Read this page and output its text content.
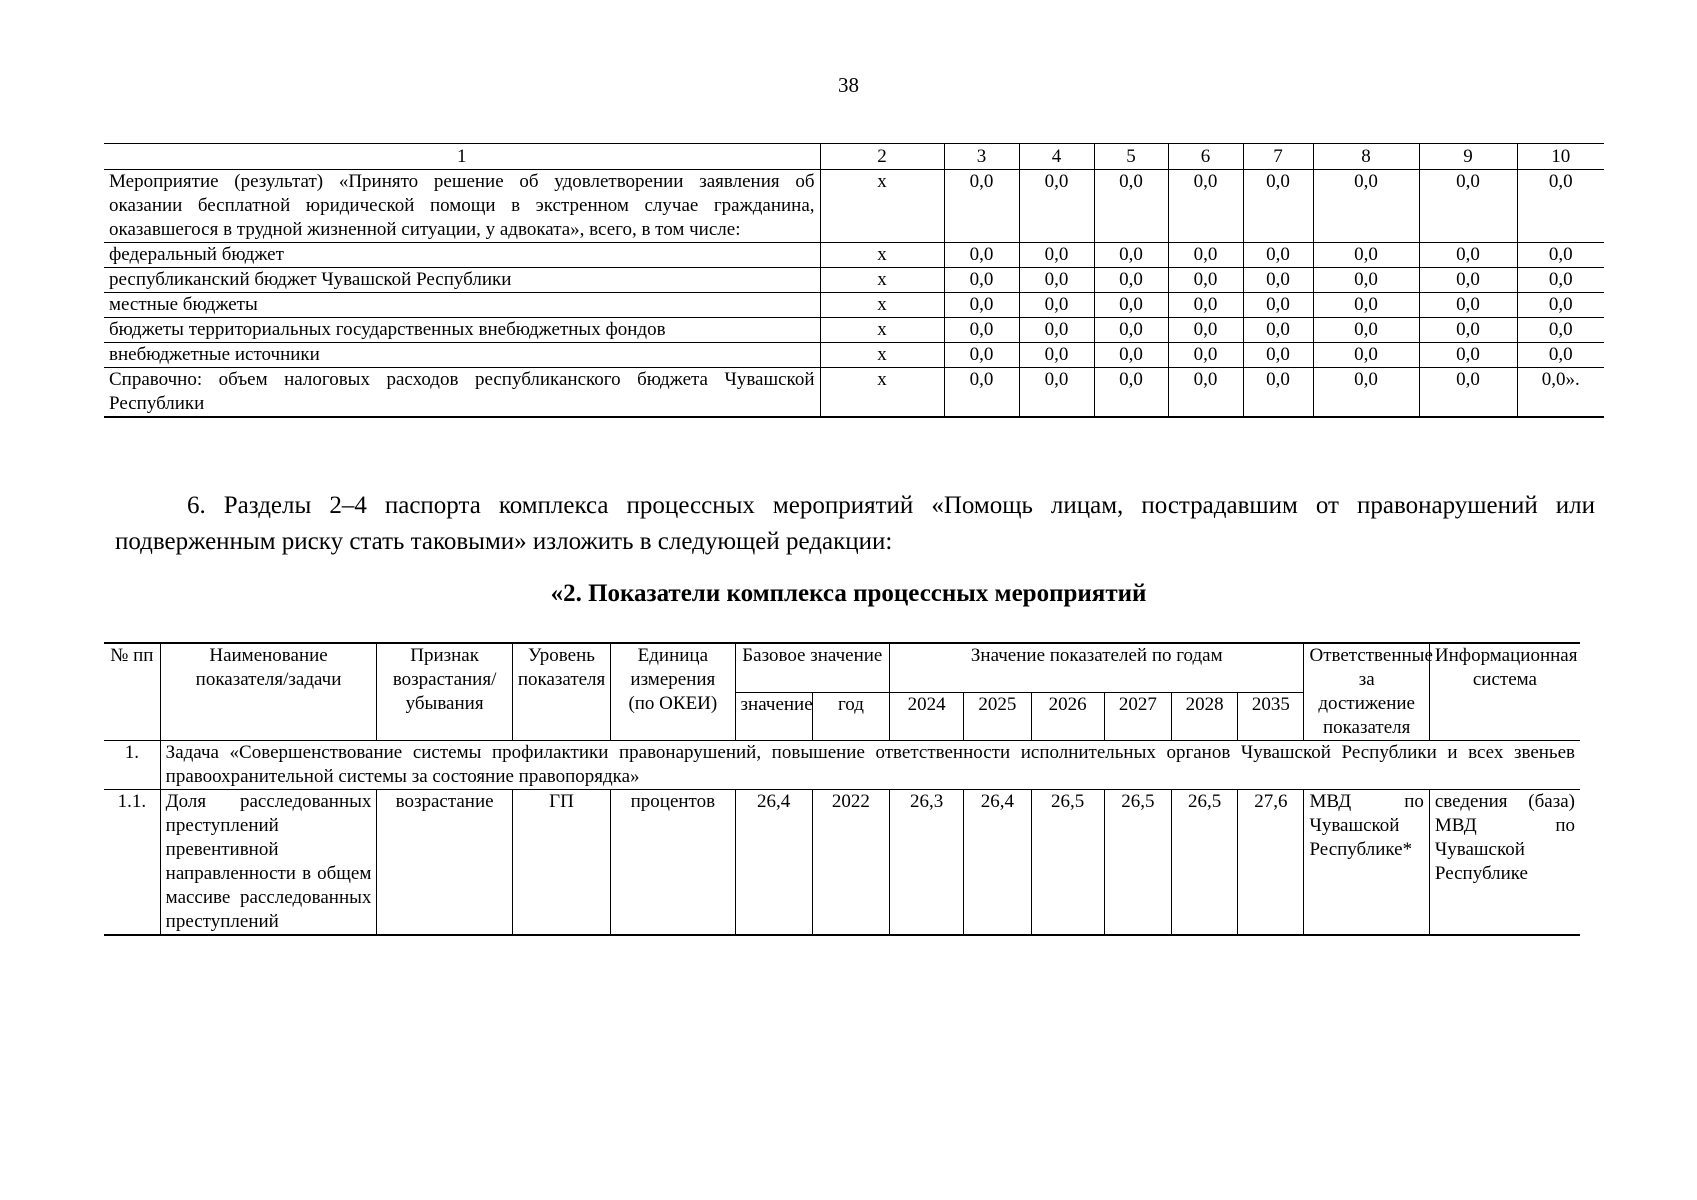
38
1	2	3	4	5	6	7	8	9	10
Мероприятие (результат) «Принято решение об удовлетворении заявления об оказании бесплатной юридической помощи в экстренном случае гражданина, оказавшегося в трудной жизненной ситуации, у адвоката», всего, в том числе:	х	0,0	0,0	0,0	0,0	0,0	0,0	0,0	0,0
федеральный бюджет	х	0,0	0,0	0,0	0,0	0,0	0,0	0,0	0,0
республиканский бюджет Чувашской Республики	х	0,0	0,0	0,0	0,0	0,0	0,0	0,0	0,0
местные бюджеты	х	0,0	0,0	0,0	0,0	0,0	0,0	0,0	0,0
бюджеты территориальных государственных внебюджетных фондов	х	0,0	0,0	0,0	0,0	0,0	0,0	0,0	0,0
внебюджетные источники	х	0,0	0,0	0,0	0,0	0,0	0,0	0,0	0,0
Справочно: объем налоговых расходов республиканского бюджета Чувашской Республики	х	0,0	0,0	0,0	0,0	0,0	0,0	0,0	0,0».
6. Разделы 2–4 паспорта комплекса процессных мероприятий «Помощь лицам, пострадавшим от правонарушений или подверженным риску стать таковыми» изложить в следующей редакции:
«2. Показатели комплекса процессных мероприятий
№ пп	Наименование показателя/задачи	Признак возрастания/убывания	Уровень показателя	Единица измерения (по ОКЕИ)	Базовое значение		Значение показателей по годам						Ответственные за достижение показателя	Информационная система
					значение	год	2024	2025	2026	2027	2028	2035		
1.	Задача «Совершенствование системы профилактики правонарушений, повышение ответственности исполнительных органов Чувашской Республики и всех звеньев правоохранительной системы за состояние правопорядка»													
1.1.	Доля расследованных преступлений превентивной направленности в общем массиве расследованных преступлений	возрастание	ГП	процентов	26,4	2022	26,3	26,4	26,5	26,5	26,5	27,6	МВД по Чувашской Республике*	сведения (база) МВД по Чувашской Республике
